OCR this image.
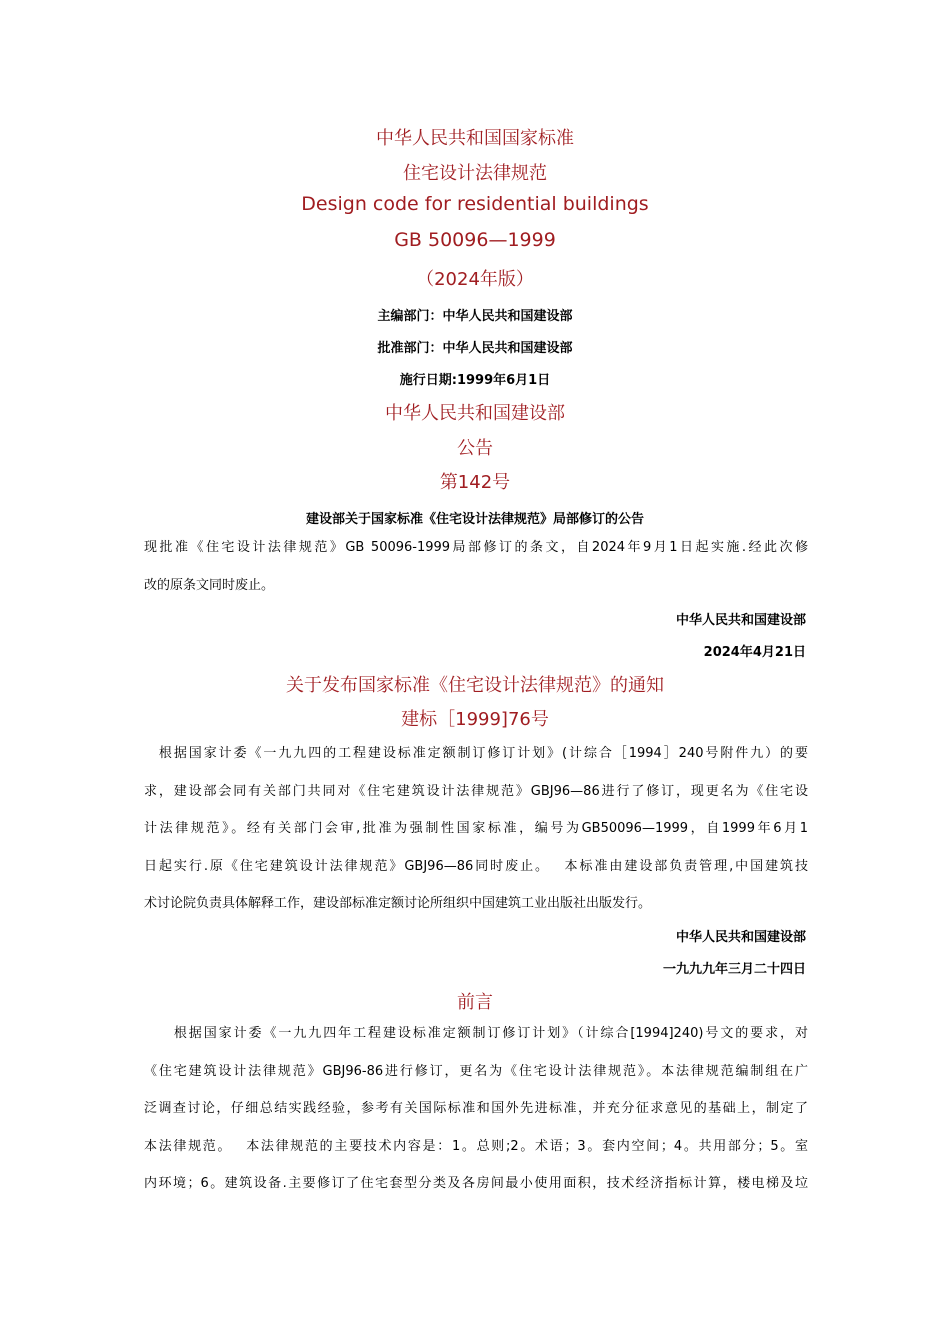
中华人民共和国国家标准
住宅设计法律规范
Design code for residential buildings
GB 50096—1999
（2024年版）
主编部门：中华人民共和国建设部
批准部门：中华人民共和国建设部
施行日期:1999年6月1日
中华人民共和国建设部
公告
第142号
建设部关于国家标准《住宅设计法律规范》局部修订的公告
现批准《住宅设计法律规范》GB 50096-1999局部修订的条文，自2024年9月1日起实施.经此次修
改的原条文同时废止。
中华人民共和国建设部
2024年4月21日
关于发布国家标准《住宅设计法律规范》的通知
建标［1999]76号
　根据国家计委《一九九四的工程建设标准定额制订修订计划》(计综合［1994］240号附件九）的要
求，建设部会同有关部门共同对《住宅建筑设计法律规范》GBJ96—86进行了修订，现更名为《住宅设
计法律规范》。经有关部门会审,批准为强制性国家标准，编号为GB50096—1999，自1999年6月1
日起实行.原《住宅建筑设计法律规范》GBJ96—86同时废止。　 本标准由建设部负责管理,中国建筑技
术讨论院负责具体解释工作，建设部标准定额讨论所组织中国建筑工业出版社出版发行。
中华人民共和国建设部
一九九九年三月二十四日
前言
　　根据国家计委《一九九四年工程建设标准定额制订修订计划》（计综合[1994]240)号文的要求，对
《住宅建筑设计法律规范》GBJ96-86进行修订，更名为《住宅设计法律规范》。本法律规范编制组在广
泛调查讨论，仔细总结实践经验，参考有关国际标准和国外先进标准，并充分征求意见的基础上，制定了
本法律规范。　 本法律规范的主要技术内容是：1。总则;2。术语；3。套内空间；4。共用部分；5。室
内环境；6。建筑设备.主要修订了住宅套型分类及各房间最小使用面积，技术经济指标计算，楼电梯及垃
